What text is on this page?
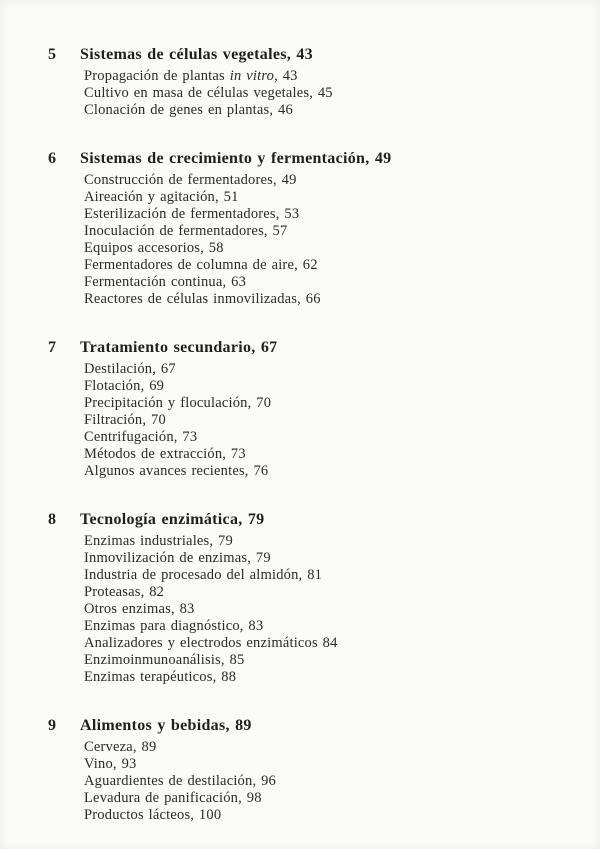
5	Sistemas de células vegetales, 43
Propagación de plantas in vitro, 43
Cultivo en masa de células vegetales, 45
Clonación de genes en plantas, 46
6	Sistemas de crecimiento y fermentación, 49
Construcción de fermentadores, 49
Aireación y agitación, 51
Esterilización de fermentadores, 53
Inoculación de fermentadores, 57
Equipos accesorios, 58
Fermentadores de columna de aire, 62
Fermentación continua, 63
Reactores de células inmovilizadas, 66
7	Tratamiento secundario, 67
Destilación, 67
Flotación, 69
Precipitación y floculación, 70
Filtración, 70
Centrifugación, 73
Métodos de extracción, 73
Algunos avances recientes, 76
8	Tecnología enzimática, 79
Enzimas industriales, 79
Inmovilización de enzimas, 79
Industria de procesado del almidón, 81
Proteasas, 82
Otros enzimas, 83
Enzimas para diagnóstico, 83
Analizadores y electrodos enzimáticos 84
Enzimoinmunoanálisis, 85
Enzimas terapéuticos, 88
9	Alimentos y bebidas, 89
Cerveza, 89
Vino, 93
Aguardientes de destilación, 96
Levadura de panificación, 98
Productos lácteos, 100
